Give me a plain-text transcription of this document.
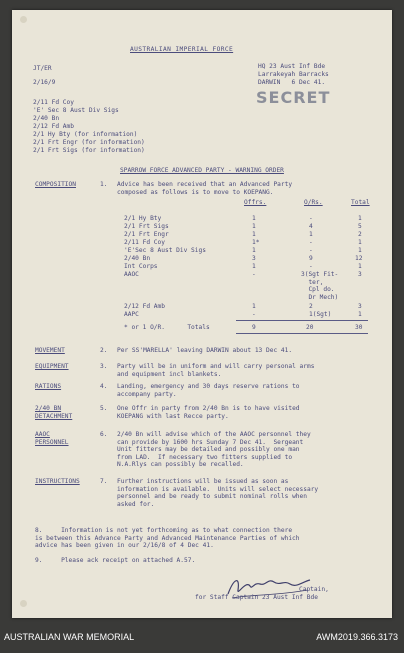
AUSTRALIAN IMPERIAL FORCE
JT/ER
2/16/9
HQ 23 Aust Inf Bde
Larrakeyah Barracks
DARWIN   6 Dec 41.
SECRET
2/11 Fd Coy
'E' Sec 8 Aust Div Sigs
2/40 Bn
2/12 Fd Amb
2/1 Hy Bty (for information)
2/1 Frt Engr (for information)
2/1 Frt Sigs (for information)
SPARROW FORCE ADVANCED PARTY - WARNING ORDER
COMPOSITION	1. Advice has been received that an Advanced Party
composed as follows is to move to KOEPANG.
Offrs.	O/Rs.	Total
2/1 Hy Bty	1	-	1
2/1 Frt Sigs	1	4	5
2/1 Frt Engr	1	1	2
2/11 Fd Coy	1*	-	1
'E'Sec 8 Aust Div Sigs	1	-	1
2/40 Bn	3	9	12
Int Corps	1	-	1
AAOC	-	3(Sgt Fit-
ter,
Cpl do.
Dr Mech)
3
2/12 Fd Amb	1	2	3
AAPC	-	1(Sgt)	1
* or 1 O/R.      Totals	9	20	30
MOVEMENT	2. Per SS'MARELLA' leaving DARWIN about 13 Dec 41.
EQUIPMENT	3. Party will be in uniform and will carry personal arms
and equipment incl blankets.
RATIONS	4. Landing, emergency and 30 days reserve rations to
accompany party.
2/40 BN
DETACHMENT
5. One Offr in party from 2/40 Bn is to have visited
KOEPANG with last Recce party.
AAOC
PERSONNEL
6. 2/40 Bn will advise which of the AAOC personnel they
can provide by 1600 hrs Sunday 7 Dec 41.  Sergeant
Unit fitters may be detailed and possibly one man
from LAD.  If necessary two fitters supplied to
N.A.Rlys can possibly be recalled.
INSTRUCTIONS	7. Further instructions will be issued as soon as
information is available.  Units will select necessary
personnel and be ready to submit nominal rolls when
asked for.
8.     Information is not yet forthcoming as to what connection there
is between this Advance Party and Advanced Maintenance Parties of which
advice has been given in our 2/16/8 of 4 Dec 41.
9.     Please ack receipt on attached A.57.
Captain,
for Staff Captain 23 Aust Inf Bde
AUSTRALIAN WAR MEMORIAL	AWM2019.366.3173
